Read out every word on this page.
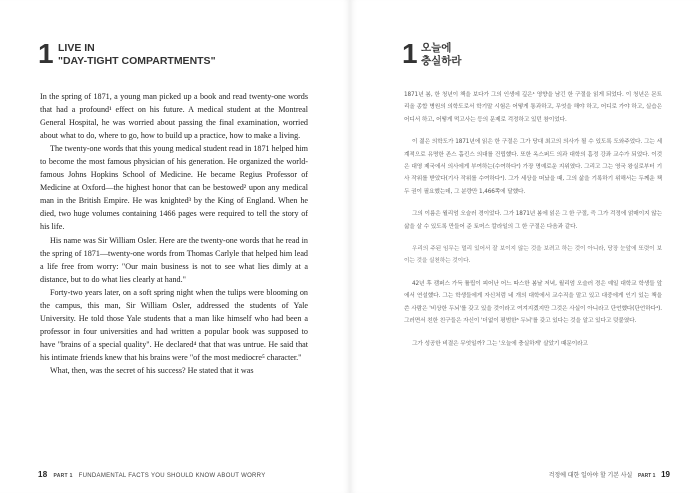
1 LIVE IN
"DAY-TIGHT COMPARTMENTS"

In the spring of 1871, a young man picked up a book and read twenty-one words that had a profound¹ effect on his future. A medical student at the Montreal General Hospital, he was worried about passing the final examination, worried about what to do, where to go, how to build up a practice, how to make a living.

The twenty-one words that this young medical student read in 1871 helped him to become the most famous physician of his generation. He organized the world-famous Johns Hopkins School of Medicine. He became Regius Professor of Medicine at Oxford—the highest honor that can be bestowed² upon any medical man in the British Empire. He was knighted³ by the King of England. When he died, two huge volumes containing 1466 pages were required to tell the story of his life.

His name was Sir William Osler. Here are the twenty-one words that he read in the spring of 1871—twenty-one words from Thomas Carlyle that helped him lead a life free from worry: "Our main business is not to see what lies dimly at a distance, but to do what lies clearly at hand."

Forty-two years later, on a soft spring night when the tulips were blooming on the campus, this man, Sir William Osler, addressed the students of Yale University. He told those Yale students that a man like himself who had been a professor in four universities and had written a popular book was supposed to have "brains of a special quality". He declared⁴ that that was untrue. He said that his intimate friends knew that his brains were "of the most mediocre⁵ character."

What, then, was the secret of his success? He stated that it was

18 PART 1 FUNDAMENTAL FACTS YOU SHOULD KNOW ABOUT WORRY
1 오늘에
충실하라

1871년 봄, 한 청년이 책을 보다가 그의 인생에 깊은¹ 영향을 남긴 한 구절을 읽게 되었다. 이 청년은 몬트리올 종합 병원의 의학도로서 학기말 시험은 어떻게 통과하고, 무엇을 해야 하고, 어디로 가야 하고, 실습은 어디서 하고, 어떻게 먹고사는 등의 문제로 걱정하고 있던 참이었다.

이 젊은 의학도가 1871년에 읽은 한 구절은 그가 당대 최고의 의사가 될 수 있도록 도와주었다. 그는 세계적으로 유명한 존스 홉킨스 의대를 건립했다. 또한 옥스퍼드 의과 대학의 흠정 강좌 교수가 되었다. 이것은 대영 제국에서 의사에게 부여하는(수여하다²) 가장 명예로운 지위였다. 그리고 그는 영국 왕실로부터 기사 작위를 받았다(기사 작위를 수여하다³). 그가 세상을 떠났을 때, 그의 삶을 기록하기 위해서는 두께운 책 두 권이 필요했는데, 그 분량만 1,466쪽에 달했다.

그의 이름은 윌리엄 오슬러 경이었다. 그가 1871년 봄에 읽은 그 한 구절, 즉 그가 걱정에 얽매이지 않는 삶을 살 수 있도록 만들어 준 토머스 칼라일의 그 한 구절은 다음과 같다.

우리의 주된 임무는 멀리 있어서 잘 보이지 않는 것을 보려고 하는 것이 아니라, 당장 눈앞에 또렷이 보이는 것을 실천하는 것이다.

42년 후 캠퍼스 가득 튤립이 피어난 어느 따스한 봄날 저녁, 윌리엄 오슬러 경은 예일 대학교 학생들 앞에서 연설했다. 그는 학생들에게 자신처럼 네 개의 대학에서 교수직을 맡고 있고 대중에게 인기 있는 책을 쓴 사람은 '비상한 두뇌'를 갖고 있을 것이라고 여겨지겠지만 그것은 사실이 아니라고 단언했다(단언하다⁴). 그러면서 친한 친구들은 자신이 '더없이 평범한⁵ 두뇌'를 갖고 있다는 것을 알고 있다고 덧붙였다.

그가 성공한 비결은 무엇일까? 그는 '오늘에 충실하게' 살았기 때문이라고

걱정에 대한 일아야 할 기본 사실 PART 1 19
